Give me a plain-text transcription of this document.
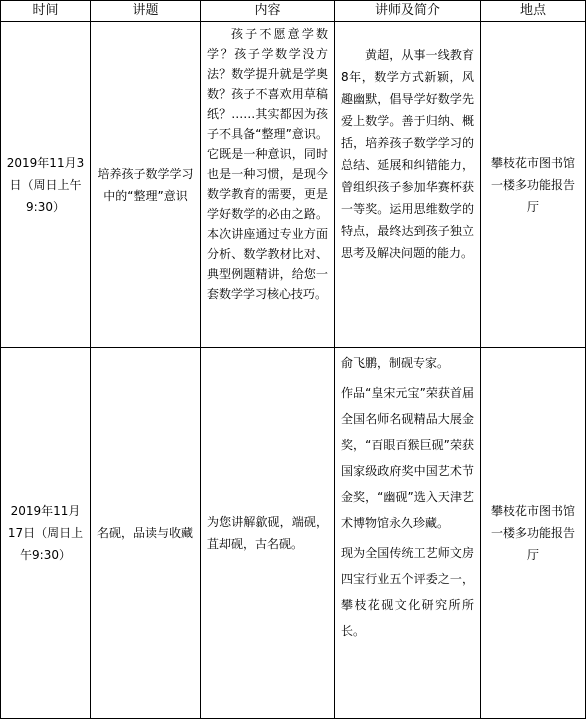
时间	讲题	内容	讲师及简介	地点
2019年11月3日（周日上午9:30）	培养孩子数学学习中的“整理”意识	孩子不愿意学数学？孩子学数学没方法？数学提升就是学奥数？孩子不喜欢用草稿纸？……其实都因为孩子不具备“整理”意识。它既是一种意识，同时也是一种习惯，是现今数学教育的需要，更是学好数学的必由之路。本次讲座通过专业方面分析、数学教材比对、典型例题精讲，给您一套数学学习核心技巧。	黄超，从事一线教育8年，数学方式新颖，风趣幽默，倡导学好数学先爱上数学。善于归纳、概括，培养孩子数学学习的总结、延展和纠错能力，曾组织孩子参加华赛杯获一等奖。运用思维数学的特点，最终达到孩子独立思考及解决问题的能力。	攀枝花市图书馆一楼多功能报告厅
2019年11月17日（周日上午9:30）	名砚，品读与收藏	为您讲解歙砚，端砚，苴却砚，古名砚。	俞飞鹏，制砚专家。

作品“皇宋元宝”荣获首届全国名师名砚精品大展金奖，“百眼百猴巨砚”荣获国家级政府奖中国艺术节金奖，“幽砚”选入天津艺术博物馆永久珍藏。

现为全国传统工艺师文房四宝行业五个评委之一，攀枝花砚文化研究所所长。	攀枝花市图书馆一楼多功能报告厅
